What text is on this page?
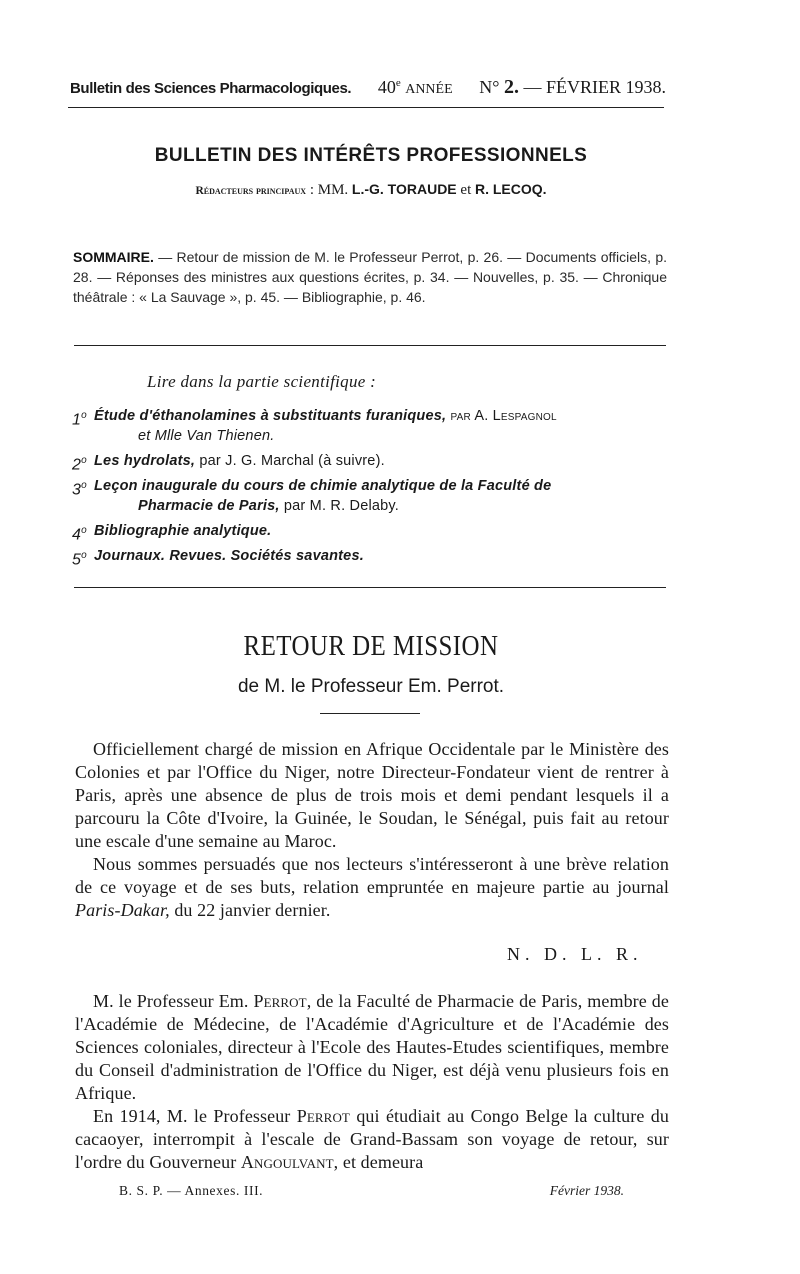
Bulletin des Sciences Pharmacologiques. 40e ANNÉE N° 2. — FÉVRIER 1938.
BULLETIN DES INTÉRÊTS PROFESSIONNELS
Rédacteurs principaux : MM. L.-G. TORAUDE et R. LECOQ.
SOMMAIRE. — Retour de mission de M. le Professeur Perrot, p. 26. — Documents officiels, p. 28. — Réponses des ministres aux questions écrites, p. 34. — Nouvelles, p. 35. — Chronique théâtrale : « La Sauvage », p. 45. — Bibliographie, p. 46.
Lire dans la partie scientifique :
1$^o$ Étude d'éthanolamines à substituants furaniques, par A. Lespagnol
et Mlle Van Thienen.
2$^o$ Les hydrolats, par J. G. Marchal (à suivre).
3$^o$ Leçon inaugurale du cours de chimie analytique de la Faculté de
Pharmacie de Paris, par M. R. Delaby.
4$^o$ Bibliographie analytique.
5$^o$ Journaux. Revues. Sociétés savantes.
RETOUR DE MISSION
de M. le Professeur Em. Perrot.

Officiellement chargé de mission en Afrique Occidentale par le Ministère des Colonies et par l'Office du Niger, notre Directeur-Fondateur vient de rentrer à Paris, après une absence de plus de trois mois et demi pendant lesquels il a parcouru la Côte d'Ivoire, la Guinée, le Soudan, le Sénégal, puis fait au retour une escale d'une semaine au Maroc.

Nous sommes persuadés que nos lecteurs s'intéresseront à une brève relation de ce voyage et de ses buts, relation empruntée en majeure partie au journal Paris-Dakar, du 22 janvier dernier.

N. D. L. R.

M. le Professeur Em. Perrot, de la Faculté de Pharmacie de Paris, membre de l'Académie de Médecine, de l'Académie d'Agriculture et de l'Académie des Sciences coloniales, directeur à l'Ecole des Hautes-Etudes scientifiques, membre du Conseil d'administration de l'Office du Niger, est déjà venu plusieurs fois en Afrique.

En 1914, M. le Professeur Perrot qui étudiait au Congo Belge la culture du cacaoyer, interrompit à l'escale de Grand-Bassam son voyage de retour, sur l'ordre du Gouverneur Angoulvant, et demeura

B. S. P. — Annexes. III.	Février 1938.
